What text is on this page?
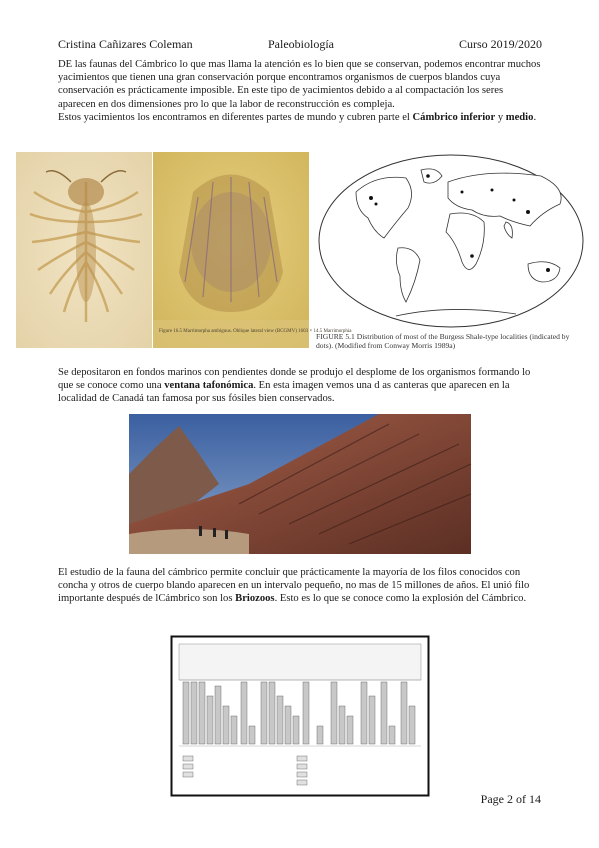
Cristina Cañizares Coleman	Paleobiología	Curso 2019/2020
DE las faunas del Cámbrico lo que mas llama la atención es lo bien que se conservan, podemos encontrar muchos yacimientos que tienen una gran conservación porque encontramos organismos de cuerpos blandos cuya conservación es prácticamente imposible. En este tipo de yacimientos debido a al compactación los seres aparecen en dos dimensiones pro lo que la labor de reconstrucción es compleja.
Estos yacimientos los encontramos en diferentes partes de mundo y cubren parte el Cámbrico inferior y medio.
Figure 16.5 Marrimorpha ambiguus. Oblique lateral view (BCGMV) 1603 × 14.5 Marrimorphia
FIGURE 5.1 Distribution of most of the Burgess Shale-type localities (indicated by dots). (Modified from Conway Morris 1989a)
Se depositaron en fondos marinos con pendientes donde se produjo el desplome de los organismos formando lo que se conoce como una ventana tafonómica. En esta imagen vemos una d as canteras que aparecen en la localidad de Canadá tan famosa por sus fósiles bien conservados.
El estudio de la fauna del cámbrico permite concluir que prácticamente la mayoría de los filos conocidos con concha y otros de cuerpo blando aparecen en un intervalo pequeño, no mas de 15 millones de años. El unió filo importante después de lCámbrico son los Briozoos. Esto es lo que se conoce como la explosión del Cámbrico.
Page 2 of 14
